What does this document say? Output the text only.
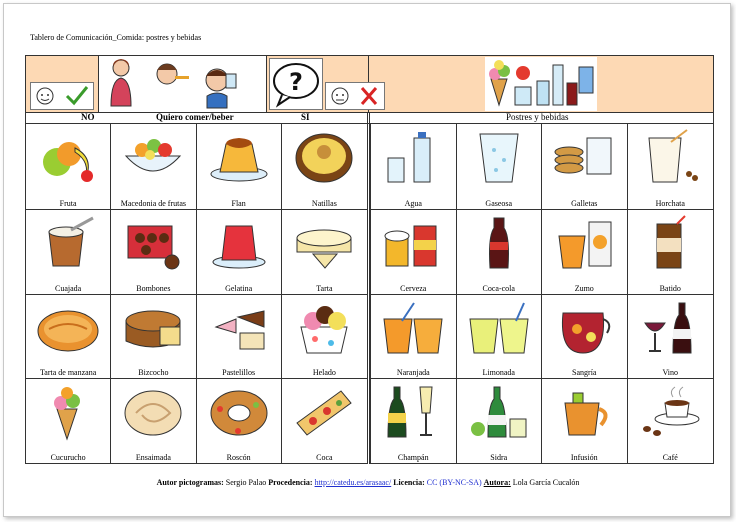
Tablero de Comunicación_Comida: postres y bebidas
?
NO	Quiero comer/beber	SI	Postres y bebidas
Fruta	Macedonia de frutas	Flan	Natillas
Cuajada	Bombones	Gelatina	Tarta
Tarta de manzana	Bizcocho	Pastelillos	Helado
Cucurucho	Ensaimada	Roscón	Coca
Agua	Gaseosa	Galletas	Horchata
Cerveza	Coca-cola	Zumo	Batido
Naranjada	Limonada	Sangría	Vino
Champán	Sidra	Infusión	Café
Autor pictogramas: Sergio Palao Procedencia: http://catedu.es/arasaac/ Licencia: CC (BY-NC-SA) Autora: Lola García Cucalón
